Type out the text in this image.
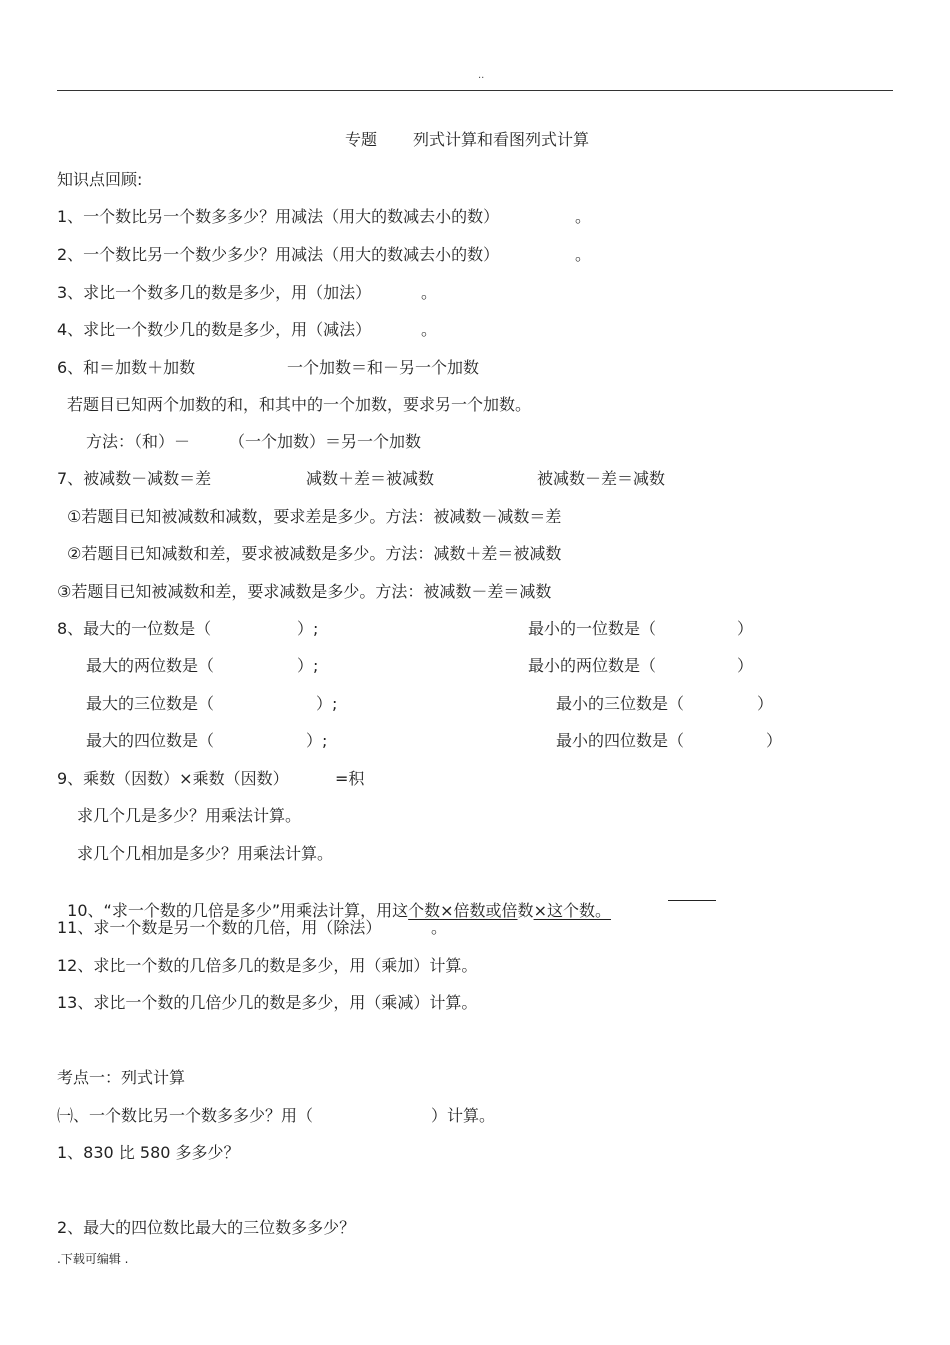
..
专题 列式计算和看图列式计算
知识点回顾:
1、一个数比另一个数多多少？用减法（用大的数减去小的数）	。
2、一个数比另一个数少多少？用减法（用大的数减去小的数）	。
3、求比一个数多几的数是多少，用（加法）	。
4、求比一个数少几的数是多少，用（减法）	。
6、和＝加数＋加数	一个加数＝和－另一个加数
若题目已知两个加数的和，和其中的一个加数，要求另一个加数。
方法：（和）－ （一个加数）＝另一个加数
7、被减数－减数＝差	减数＋差＝被减数	被减数－差＝减数
①若题目已知被减数和减数，要求差是多少。方法：被减数－减数＝差
②若题目已知减数和差，要求被减数是多少。方法：减数＋差＝被减数
③若题目已知被减数和差，要求减数是多少。方法：被减数－差＝减数
8、最大的一位数是（	）;	最小的一位数是（	）
最大的两位数是（	）;	最小的两位数是（	）
最大的三位数是（	）;	最小的三位数是（	）
最大的四位数是（	）;	最小的四位数是（	）
9、乘数（因数）×乘数（因数）	=积
求几个几是多少？用乘法计算。
求几个几相加是多少？用乘法计算。

10、“求一个数的几倍是多少”用乘法计算，用这个数×倍数或倍数×这个数。

11、求一个数是另一个数的几倍，用（除法）	。
12、求比一个数的几倍多几的数是多少，用（乘加）计算。
13、求比一个数的几倍少几的数是多少，用（乘减）计算。
考点一：列式计算
㈠、一个数比另一个数多多少？用（	）计算。
1、830 比 580 多多少？
2、最大的四位数比最大的三位数多多少？
.下载可编辑 .
